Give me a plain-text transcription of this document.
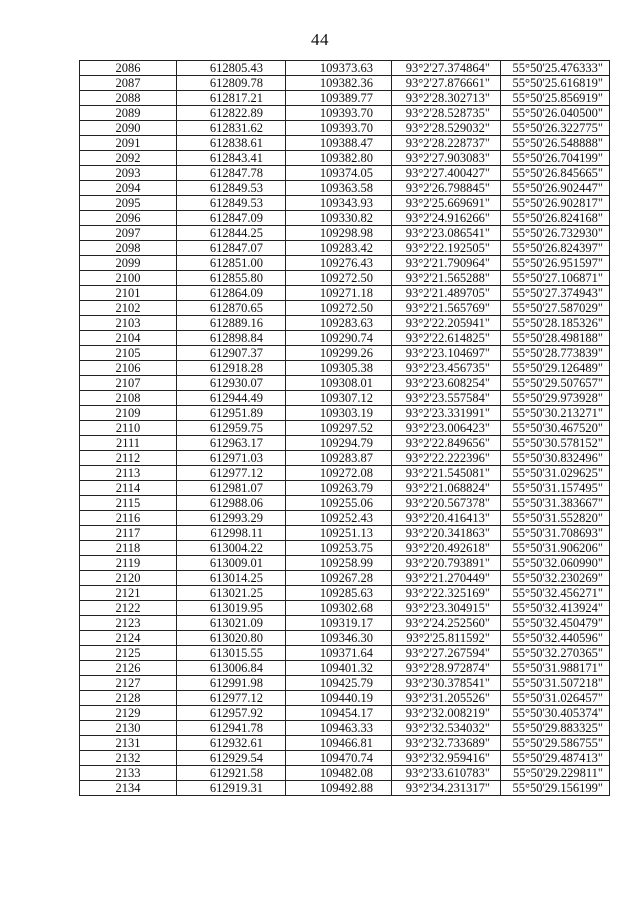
44
2086	612805.43	109373.63	93°2'27.374864"	55°50'25.476333"
2087	612809.78	109382.36	93°2'27.876661"	55°50'25.616819"
2088	612817.21	109389.77	93°2'28.302713"	55°50'25.856919"
2089	612822.89	109393.70	93°2'28.528735"	55°50'26.040500"
2090	612831.62	109393.70	93°2'28.529032"	55°50'26.322775"
2091	612838.61	109388.47	93°2'28.228737"	55°50'26.548888"
2092	612843.41	109382.80	93°2'27.903083"	55°50'26.704199"
2093	612847.78	109374.05	93°2'27.400427"	55°50'26.845665"
2094	612849.53	109363.58	93°2'26.798845"	55°50'26.902447"
2095	612849.53	109343.93	93°2'25.669691"	55°50'26.902817"
2096	612847.09	109330.82	93°2'24.916266"	55°50'26.824168"
2097	612844.25	109298.98	93°2'23.086541"	55°50'26.732930"
2098	612847.07	109283.42	93°2'22.192505"	55°50'26.824397"
2099	612851.00	109276.43	93°2'21.790964"	55°50'26.951597"
2100	612855.80	109272.50	93°2'21.565288"	55°50'27.106871"
2101	612864.09	109271.18	93°2'21.489705"	55°50'27.374943"
2102	612870.65	109272.50	93°2'21.565769"	55°50'27.587029"
2103	612889.16	109283.63	93°2'22.205941"	55°50'28.185326"
2104	612898.84	109290.74	93°2'22.614825"	55°50'28.498188"
2105	612907.37	109299.26	93°2'23.104697"	55°50'28.773839"
2106	612918.28	109305.38	93°2'23.456735"	55°50'29.126489"
2107	612930.07	109308.01	93°2'23.608254"	55°50'29.507657"
2108	612944.49	109307.12	93°2'23.557584"	55°50'29.973928"
2109	612951.89	109303.19	93°2'23.331991"	55°50'30.213271"
2110	612959.75	109297.52	93°2'23.006423"	55°50'30.467520"
2111	612963.17	109294.79	93°2'22.849656"	55°50'30.578152"
2112	612971.03	109283.87	93°2'22.222396"	55°50'30.832496"
2113	612977.12	109272.08	93°2'21.545081"	55°50'31.029625"
2114	612981.07	109263.79	93°2'21.068824"	55°50'31.157495"
2115	612988.06	109255.06	93°2'20.567378"	55°50'31.383667"
2116	612993.29	109252.43	93°2'20.416413"	55°50'31.552820"
2117	612998.11	109251.13	93°2'20.341863"	55°50'31.708693"
2118	613004.22	109253.75	93°2'20.492618"	55°50'31.906206"
2119	613009.01	109258.99	93°2'20.793891"	55°50'32.060990"
2120	613014.25	109267.28	93°2'21.270449"	55°50'32.230269"
2121	613021.25	109285.63	93°2'22.325169"	55°50'32.456271"
2122	613019.95	109302.68	93°2'23.304915"	55°50'32.413924"
2123	613021.09	109319.17	93°2'24.252560"	55°50'32.450479"
2124	613020.80	109346.30	93°2'25.811592"	55°50'32.440596"
2125	613015.55	109371.64	93°2'27.267594"	55°50'32.270365"
2126	613006.84	109401.32	93°2'28.972874"	55°50'31.988171"
2127	612991.98	109425.79	93°2'30.378541"	55°50'31.507218"
2128	612977.12	109440.19	93°2'31.205526"	55°50'31.026457"
2129	612957.92	109454.17	93°2'32.008219"	55°50'30.405374"
2130	612941.78	109463.33	93°2'32.534032"	55°50'29.883325"
2131	612932.61	109466.81	93°2'32.733689"	55°50'29.586755"
2132	612929.54	109470.74	93°2'32.959416"	55°50'29.487413"
2133	612921.58	109482.08	93°2'33.610783"	55°50'29.229811"
2134	612919.31	109492.88	93°2'34.231317"	55°50'29.156199"
